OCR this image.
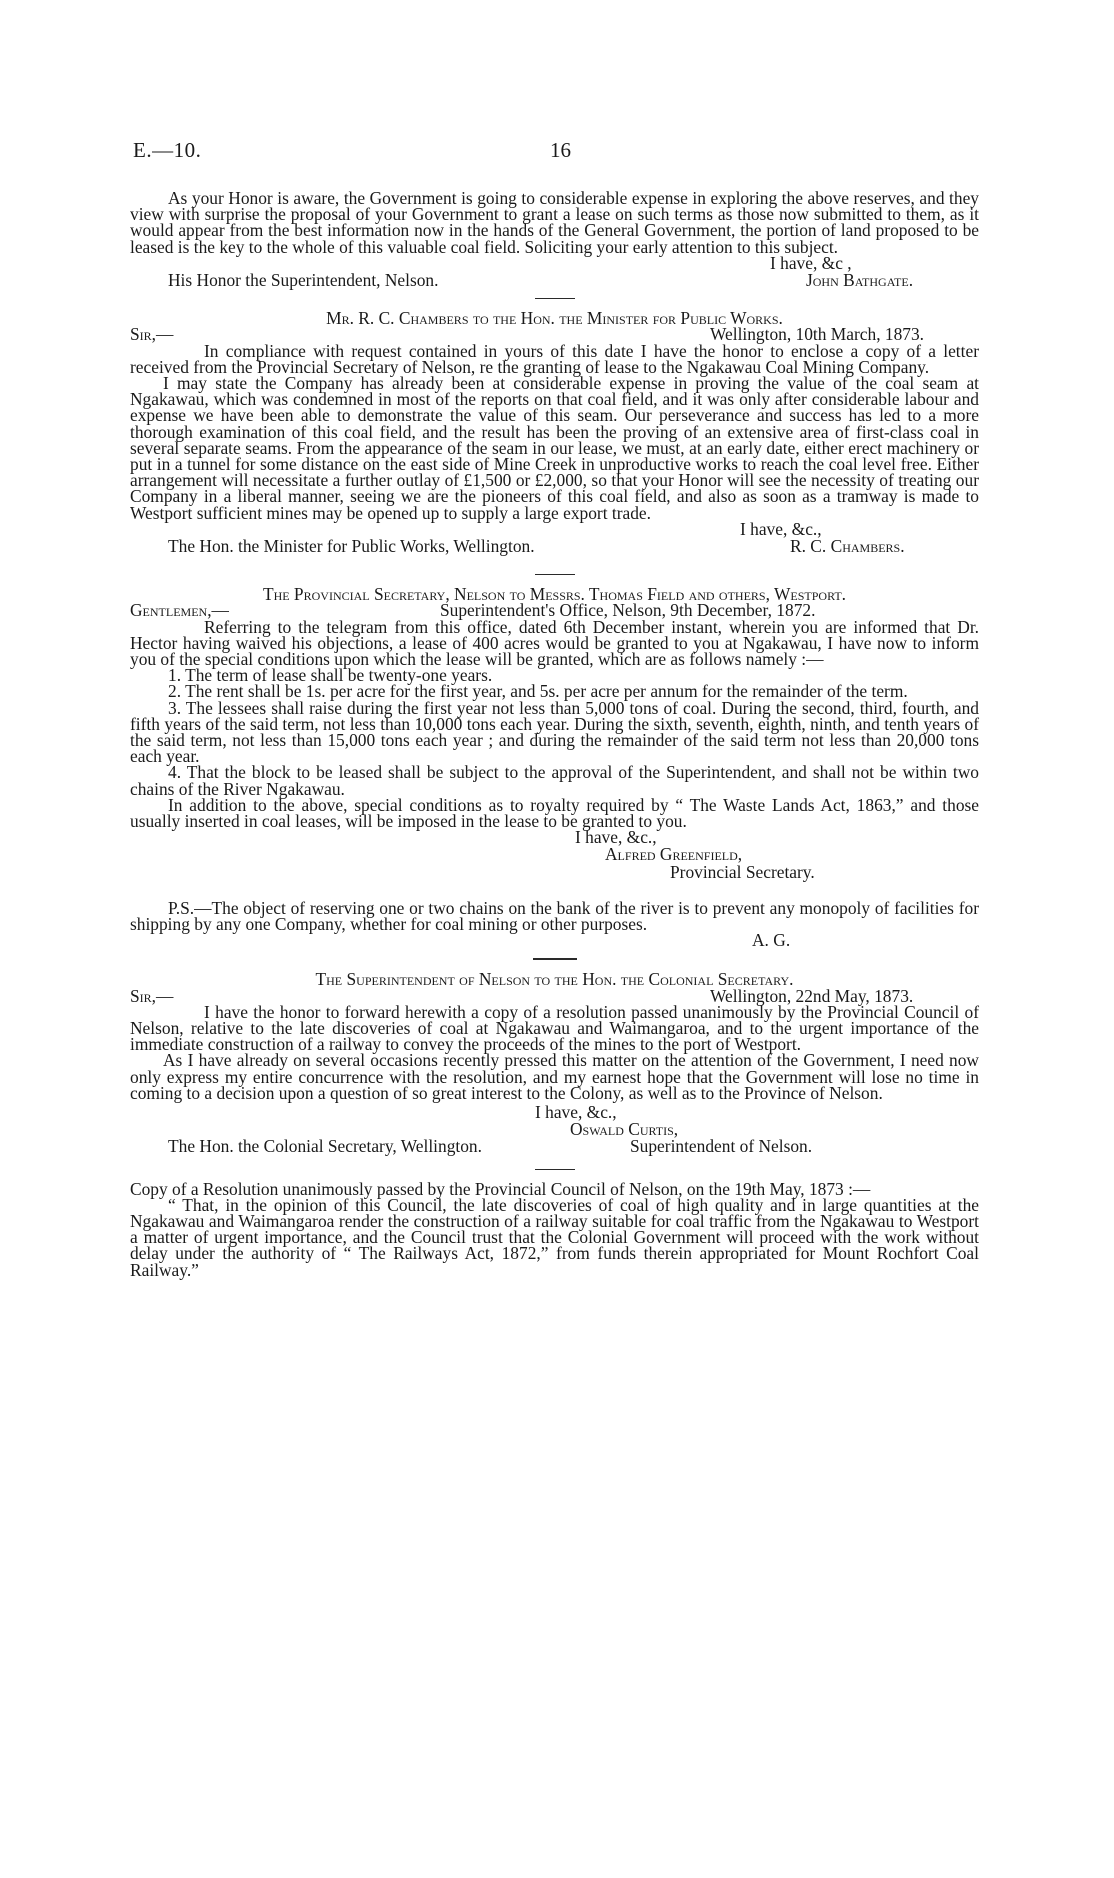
E.—10.	16

As your Honor is aware, the Government is going to considerable expense in exploring the above reserves, and they view with surprise the proposal of your Government to grant a lease on such terms as those now submitted to them, as it would appear from the best information now in the hands of the General Government, the portion of land proposed to be leased is the key to the whole of this valuable coal field. Soliciting your early attention to this subject.

I have, &c ,
His Honor the Superintendent, Nelson.	John Bathgate.

Mr. R. C. Chambers to the Hon. the Minister for Public Works.

Sir,—	Wellington, 10th March, 1873.

In compliance with request contained in yours of this date I have the honor to enclose a copy of a letter received from the Provincial Secretary of Nelson, re the granting of lease to the Ngakawau Coal Mining Company.

I may state the Company has already been at considerable expense in proving the value of the coal seam at Ngakawau, which was condemned in most of the reports on that coal field, and it was only after considerable labour and expense we have been able to demonstrate the value of this seam. Our perseverance and success has led to a more thorough examination of this coal field, and the result has been the proving of an extensive area of first-class coal in several separate seams. From the appearance of the seam in our lease, we must, at an early date, either erect machinery or put in a tunnel for some distance on the east side of Mine Creek in unproductive works to reach the coal level free. Either arrangement will necessitate a further outlay of £1,500 or £2,000, so that your Honor will see the necessity of treating our Company in a liberal manner, seeing we are the pioneers of this coal field, and also as soon as a tramway is made to Westport sufficient mines may be opened up to supply a large export trade.

I have, &c.,
The Hon. the Minister for Public Works, Wellington.	R. C. Chambers.

The Provincial Secretary, Nelson to Messrs. Thomas Field and others, Westport.

Gentlemen,—	Superintendent's Office, Nelson, 9th December, 1872.

Referring to the telegram from this office, dated 6th December instant, wherein you are informed that Dr. Hector having waived his objections, a lease of 400 acres would be granted to you at Ngakawau, I have now to inform you of the special conditions upon which the lease will be granted, which are as follows namely :—

1. The term of lease shall be twenty-one years.

2. The rent shall be 1s. per acre for the first year, and 5s. per acre per annum for the remainder of the term.

3. The lessees shall raise during the first year not less than 5,000 tons of coal. During the second, third, fourth, and fifth years of the said term, not less than 10,000 tons each year. During the sixth, seventh, eighth, ninth, and tenth years of the said term, not less than 15,000 tons each year ; and during the remainder of the said term not less than 20,000 tons each year.

4. That the block to be leased shall be subject to the approval of the Superintendent, and shall not be within two chains of the River Ngakawau.

In addition to the above, special conditions as to royalty required by “ The Waste Lands Act, 1863,” and those usually inserted in coal leases, will be imposed in the lease to be granted to you.

I have, &c.,
Alfred Greenfield,
Provincial Secretary.

P.S.—The object of reserving one or two chains on the bank of the river is to prevent any monopoly of facilities for shipping by any one Company, whether for coal mining or other purposes.

A. G.

The Superintendent of Nelson to the Hon. the Colonial Secretary.

Sir,—	Wellington, 22nd May, 1873.

I have the honor to forward herewith a copy of a resolution passed unanimously by the Provincial Council of Nelson, relative to the late discoveries of coal at Ngakawau and Waimangaroa, and to the urgent importance of the immediate construction of a railway to convey the proceeds of the mines to the port of Westport.

As I have already on several occasions recently pressed this matter on the attention of the Government, I need now only express my entire concurrence with the resolution, and my earnest hope that the Government will lose no time in coming to a decision upon a question of so great interest to the Colony, as well as to the Province of Nelson.

I have, &c.,
Oswald Curtis,
The Hon. the Colonial Secretary, Wellington.	Superintendent of Nelson.

Copy of a Resolution unanimously passed by the Provincial Council of Nelson, on the 19th May, 1873 :—

“ That, in the opinion of this Council, the late discoveries of coal of high quality and in large quantities at the Ngakawau and Waimangaroa render the construction of a railway suitable for coal traffic from the Ngakawau to Westport a matter of urgent importance, and the Council trust that the Colonial Government will proceed with the work without delay under the authority of “ The Railways Act, 1872,” from funds therein appropriated for Mount Rochfort Coal Railway.”
